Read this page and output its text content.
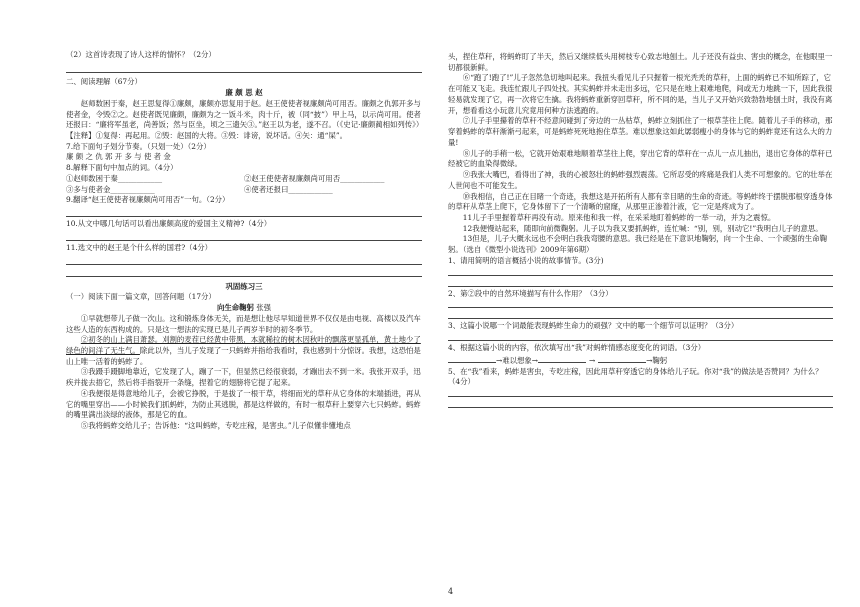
（2）这首诗表现了诗人这样的情怀？（2分）

二、阅读理解（67分）

廉 颇 思 赵

赵师数困于秦，赵王思复得①廉颇，廉颇亦思复用于赵。赵王使使者视廉颇尚可用否。廉颇之仇郭开多与使者金，令毁②之。赵使者既见廉颇，廉颇为之一饭斗米，肉十斤，被（同“披”）甲上马，以示尚可用。使者还报曰：“廉将军虽老，尚善饭；然与臣坐，顷之三遗矢③。”赵王以为老，遂不召。（《史记·廉颇蔺相如列传》）

【注释】①复得：再起用。②毁：赵国的大将。③毁：诽谤，说坏话。④矢：通“屎”。

7.给下面句子划分节奏。（只划一处）（2分）

廉 颇 之 仇 郭 开 多 与 使 者 金

8.解释下面句中加点的词。（4分）

①赵师数困于秦____________	②赵王使使者视廉颇尚可用否____________
③多与使者金____________	④使者还报曰____________

9.翻译“赵王使使者视廉颇尚可用否”一句。（2分）

10.从文中哪几句话可以看出廉颇高度的爱国主义精神?（4分）

11.选文中的赵王是个什么样的国君?（4分）

巩固练习三

（一）阅读下面一篇文章，回答问题（17分）

向生命鞠躬 张强

①早就想带儿子做一次山。这和锻炼身体无关，而是想让他尽早知道世界不仅仅是由电视、高楼以及汽车这些人造的东西构成的。只是这一想法的实现已是儿子两岁半时的初冬季节。

②初冬的山上满目萧瑟。刈割的麦茬已经黄中带黑，本就稀拉的树木因秋叶的飘落更显孤单，黄土地少了绿色的间洋了无生气。除此以外，当儿子发现了一只蚂蚱并指给我看时，我也感到十分惊讶。我想，这恐怕是山上唯一活着的蚂蚱了。

③我蹑手蹑脚地靠近，它发现了人，蹦了一下，但显然已经很衰弱，才蹦出去不到一米。我张开双手，迅疾并拢去捂它，然后将手指裂开一条缝，捏着它的翅膀将它提了起来。

④我便很是得意地给儿子，会被它挣脱，于是拔了一根干草，将细而光的草秆从它身体的末端插进，再从它的嘴里穿出——小时候我们抓蚂蚱，为防止其逃脱，都是这样做的，有时一根草秆上要穿六七只蚂蚱。蚂蚱的嘴里满出淡绿的液体，那是它的血。

⑤我将蚂蚱交给儿子；告诉他：“这叫蚂蚱，专吃庄稼，是害虫。”儿子似懂非懂地点

头，捏住草秆，将蚂蚱盯了半天，然后又继续低头用树枝专心致志地刨土。儿子还没有益虫、害虫的概念，在他眼里一切都很新鲜。

⑥“跑了!跑了!”儿子忽然急切地叫起来。我扭头看见儿子只握着一根光秃秃的草秆，上面的蚂蚱已不知所踪了，它在可能又飞走。我连忙跟儿子四处找。其实蚂蚱并未走出多远，它只是在地上艰难地爬，间或无力地跳一下，因此我很轻易就发现了它，再一次将它生擒。我将蚂蚱重新穿回草秆，所不同的是，当儿子又开始兴致勃勃地刨土时，我没有离开，想看看这小玩意儿究竟用何种方法逃跑的。

⑦儿子手里攥着的草秆不经意间碰到了旁边的一丛枯草，蚂蚱立刻抓住了一根草茎往上爬。随着儿子手的移动，那穿着蚂蚱的草秆渐渐弓起来，可是蚂蚱死死地抱住草茎。难以想象这如此孱弱瘦小的身体与它的蚂蚱竟还有这么大的力量!

⑧儿子的手稍一松，它就开始艰难地顺着草茎往上爬，穿出它背的草秆在一点儿一点儿抽出，退出它身体的草秆已经被它的血染得微绿。

⑨我张大嘴巴，看得出了神，我的心被怒壮的蚂蚱强烈震荡。它所忍受的疼痛是我们人类不可想象的。它的壮举在人世间也不可能发生。

⑩我相信，自己正在目睹一个奇迹，我想这是开拓所有人都有幸目睹的生命的奇迹。等蚂蚱终于摆脱那根穿透身体的草秆从草茎上爬下，它身体留下了一个清晰的窟窿，从那里正渗着汁液，它一定是疼成为了。

11儿子手里握着草秆再没有动。原来他和我一样，在采采地盯着蚂蚱的一举一动，并为之震惊。

12我便慢站起来，随即向前微鞠躬。儿子以为我又要抓蚂蚱，连忙喊：“别，别，别动它!”我明白儿子的意思。

13但是，儿子大概永远也不会明白我我弯腰的意思。我已经是在下意识地鞠躬，向一个生命、一个顽强的生命鞠躬。（选自《微型小说选刊》2009年第6期）

1、请用简明的语言概括小说的故事情节。(3分)

2、第②段中的自然环境描写有什么作用？（3分）

3、这篇小说哪一个词最能表现蚂蚱生命力的顽强？文中的哪一个细节可以证明？（3分）

4、根据这篇小说的内容，依次填写出“我”对蚂蚱情感态度变化的词语。（3分）

→难以想象→	→	→鞠躬

5、在“我”看来，蚂蚱是害虫，专吃庄稼，因此用草秆穿透它的身体给儿子玩。你对“我”的做法是否赞同？为什么？（4分）

4
